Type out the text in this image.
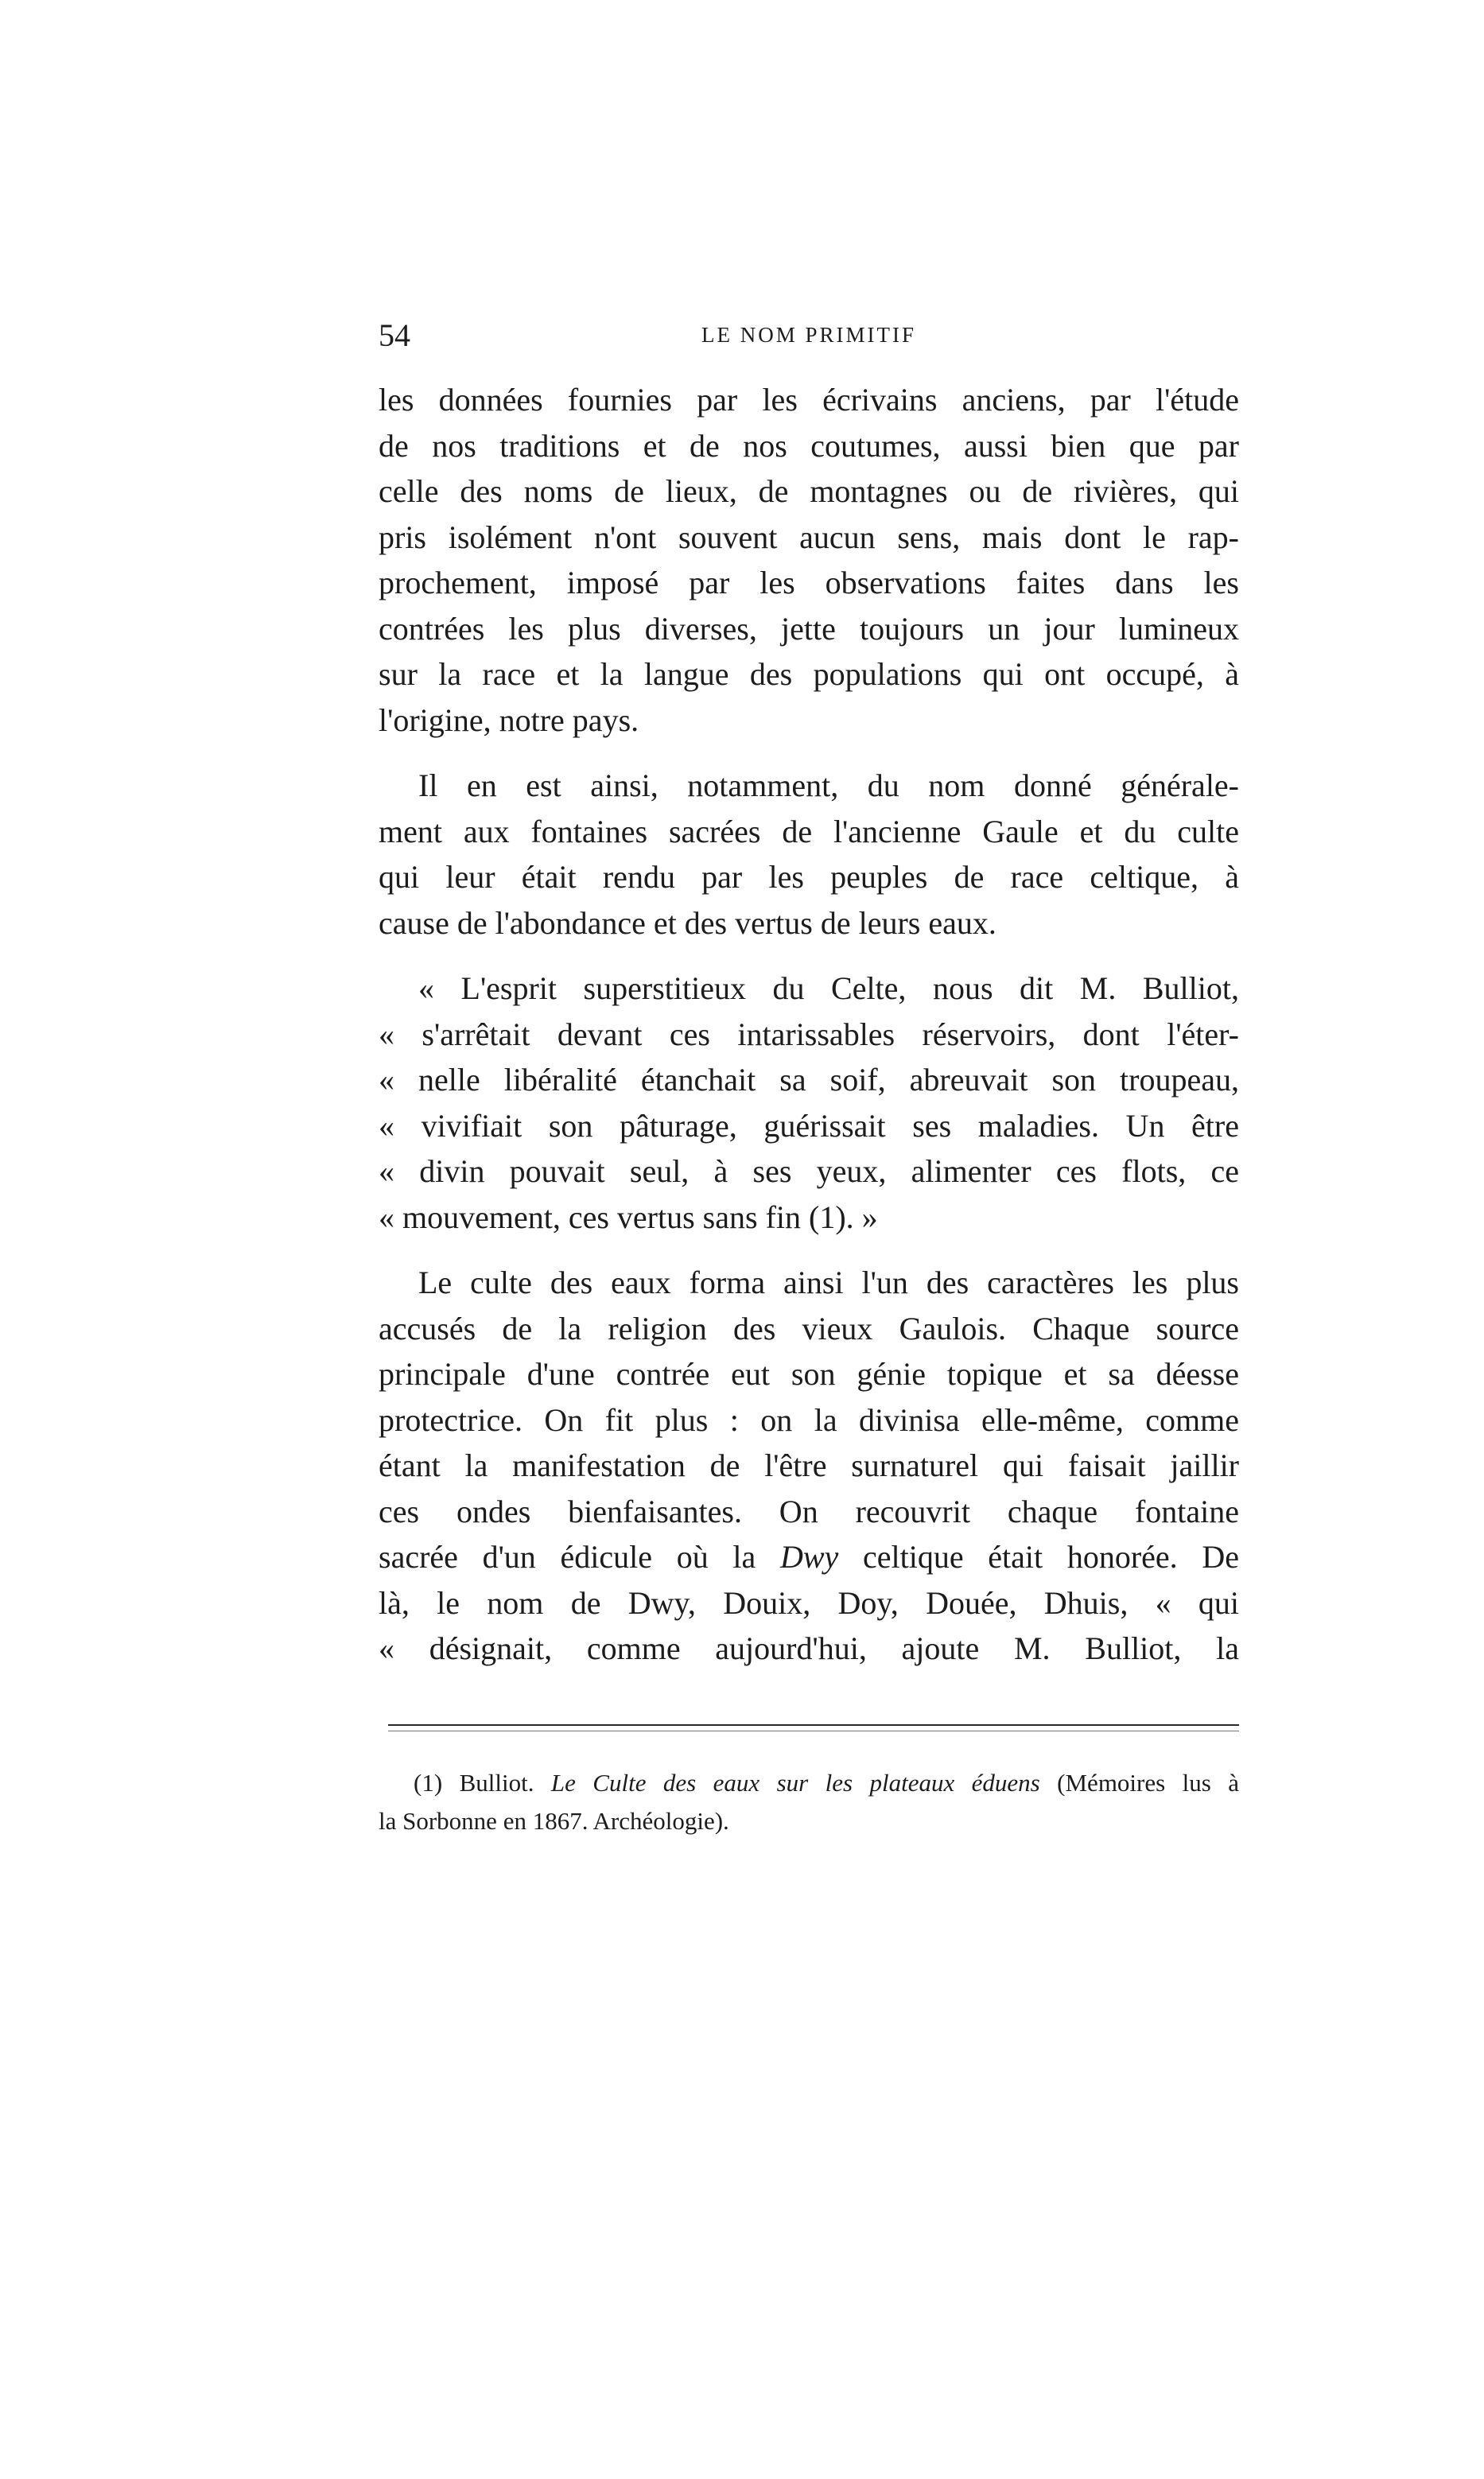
54	LE NOM PRIMITIF

les données fournies par les écrivains anciens, par l'étude
de nos traditions et de nos coutumes, aussi bien que par
celle des noms de lieux, de montagnes ou de rivières, qui
pris isolément n'ont souvent aucun sens, mais dont le rap-
prochement, imposé par les observations faites dans les
contrées les plus diverses, jette toujours un jour lumineux
sur la race et la langue des populations qui ont occupé, à
l'origine, notre pays.

Il en est ainsi, notamment, du nom donné générale-
ment aux fontaines sacrées de l'ancienne Gaule et du culte
qui leur était rendu par les peuples de race celtique, à
cause de l'abondance et des vertus de leurs eaux.

« L'esprit superstitieux du Celte, nous dit M. Bulliot,
« s'arrêtait devant ces intarissables réservoirs, dont l'éter-
« nelle libéralité étanchait sa soif, abreuvait son troupeau,
« vivifiait son pâturage, guérissait ses maladies. Un être
« divin pouvait seul, à ses yeux, alimenter ces flots, ce
« mouvement, ces vertus sans fin (1). »

Le culte des eaux forma ainsi l'un des caractères les plus
accusés de la religion des vieux Gaulois. Chaque source
principale d'une contrée eut son génie topique et sa déesse
protectrice. On fit plus : on la divinisa elle-même, comme
étant la manifestation de l'être surnaturel qui faisait jaillir
ces ondes bienfaisantes. On recouvrit chaque fontaine
sacrée d'un édicule où la Dwy celtique était honorée. De
là, le nom de Dwy, Douix, Doy, Douée, Dhuis, « qui
« désignait, comme aujourd'hui, ajoute M. Bulliot, la

(1) Bulliot. Le Culte des eaux sur les plateaux éduens (Mémoires lus à
la Sorbonne en 1867. Archéologie).
